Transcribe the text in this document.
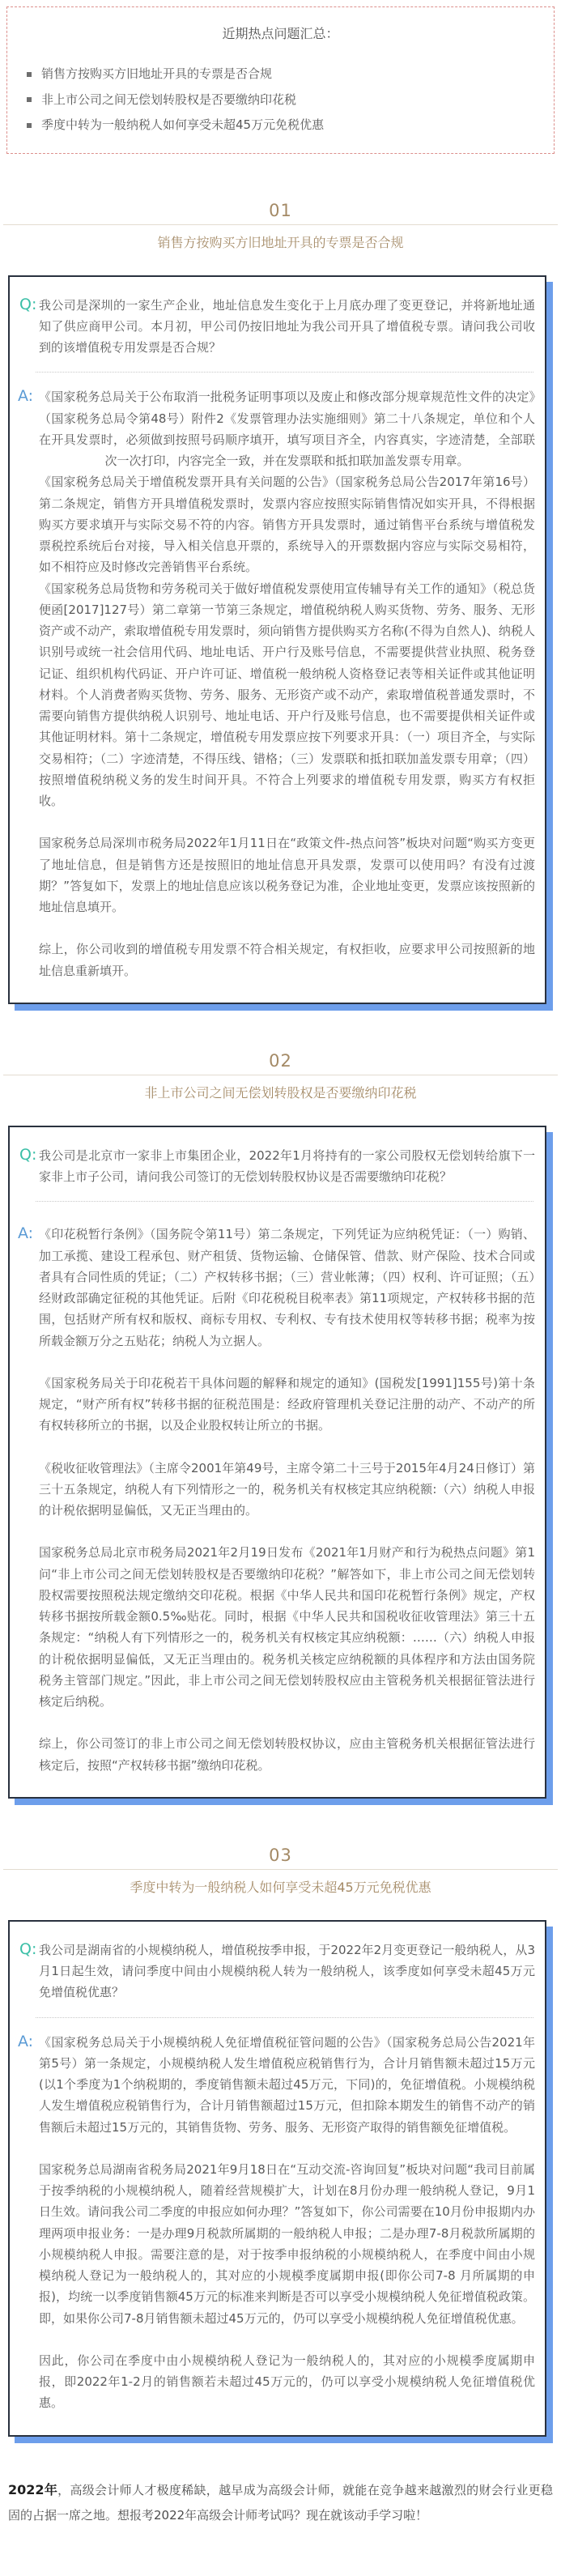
近期热点问题汇总：
销售方按购买方旧地址开具的专票是否合规
非上市公司之间无偿划转股权是否要缴纳印花税
季度中转为一般纳税人如何享受未超45万元免税优惠
01
销售方按购买方旧地址开具的专票是否合规
Q: 我公司是深圳的一家生产企业，地址信息发生变化于上月底办理了变更登记，并将新地址通知了供应商甲公司。本月初，甲公司仍按旧地址为我公司开具了增值税专票。请问我公司收到的该增值税专用发票是否合规？

A: 《国家税务总局关于公布取消一批税务证明事项以及废止和修改部分规章规范性文件的决定》（国家税务总局令第48号）附件2《发票管理办法实施细则》第二十八条规定，单位和个人在开具发票时，必须做到按照号码顺序填开，填写项目齐全，内容真实，字迹清楚，全部联次一次打印，内容完全一致，并在发票联和抵扣联加盖发票专用章。

《国家税务总局关于增值税发票开具有关问题的公告》（国家税务总局公告2017年第16号）第二条规定，销售方开具增值税发票时，发票内容应按照实际销售情况如实开具，不得根据购买方要求填开与实际交易不符的内容。销售方开具发票时，通过销售平台系统与增值税发票税控系统后台对接，导入相关信息开票的，系统导入的开票数据内容应与实际交易相符，如不相符应及时修改完善销售平台系统。

《国家税务总局货物和劳务税司关于做好增值税发票使用宣传辅导有关工作的通知》（税总货便函[2017]127号）第二章第一节第三条规定，增值税纳税人购买货物、劳务、服务、无形资产或不动产，索取增值税专用发票时，须向销售方提供购买方名称(不得为自然人)、纳税人识别号或统一社会信用代码、地址电话、开户行及账号信息，不需要提供营业执照、税务登记证、组织机构代码证、开户许可证、增值税一般纳税人资格登记表等相关证件或其他证明材料。个人消费者购买货物、劳务、服务、无形资产或不动产，索取增值税普通发票时，不需要向销售方提供纳税人识别号、地址电话、开户行及账号信息，也不需要提供相关证件或其他证明材料。第十二条规定，增值税专用发票应按下列要求开具：（一）项目齐全，与实际交易相符；（二）字迹清楚，不得压线、错格；（三）发票联和抵扣联加盖发票专用章；（四）按照增值税纳税义务的发生时间开具。不符合上列要求的增值税专用发票，购买方有权拒收。

国家税务总局深圳市税务局2022年1月11日在“政策文件-热点问答”板块对问题“购买方变更了地址信息，但是销售方还是按照旧的地址信息开具发票，发票可以使用吗？有没有过渡期？”答复如下，发票上的地址信息应该以税务登记为准，企业地址变更，发票应该按照新的地址信息填开。

综上，你公司收到的增值税专用发票不符合相关规定，有权拒收，应要求甲公司按照新的地址信息重新填开。

02
非上市公司之间无偿划转股权是否要缴纳印花税
Q: 我公司是北京市一家非上市集团企业，2022年1月将持有的一家公司股权无偿划转给旗下一家非上市子公司，请问我公司签订的无偿划转股权协议是否需要缴纳印花税？

A: 《印花税暂行条例》（国务院令第11号）第二条规定，下列凭证为应纳税凭证：（一）购销、加工承揽、建设工程承包、财产租赁、货物运输、仓储保管、借款、财产保险、技术合同或者具有合同性质的凭证；（二）产权转移书据；（三）营业帐薄；（四）权利、许可证照；（五）经财政部确定征税的其他凭证。后附《印花税税目税率表》第11项规定，产权转移书据的范围，包括财产所有权和版权、商标专用权、专利权、专有技术使用权等转移书据；税率为按所载金额万分之五贴花；纳税人为立据人。

《国家税务局关于印花税若干具体问题的解释和规定的通知》(国税发[1991]155号)第十条规定，“财产所有权”转移书据的征税范围是：经政府管理机关登记注册的动产、不动产的所有权转移所立的书据，以及企业股权转让所立的书据。

《税收征收管理法》（主席令2001年第49号，主席令第二十三号于2015年4月24日修订）第三十五条规定，纳税人有下列情形之一的，税务机关有权核定其应纳税额:（六）纳税人申报的计税依据明显偏低，又无正当理由的。

国家税务总局北京市税务局2021年2月19日发布《2021年1月财产和行为税热点问题》第1问“非上市公司之间无偿划转股权是否要缴纳印花税？”解答如下，非上市公司之间无偿划转股权需要按照税法规定缴纳交印花税。根据《中华人民共和国印花税暂行条例》规定，产权转移书据按所载金额0.5‰贴花。同时，根据《中华人民共和国税收征收管理法》第三十五条规定：“纳税人有下列情形之一的，税务机关有权核定其应纳税额：……（六）纳税人申报的计税依据明显偏低，又无正当理由的。税务机关核定应纳税额的具体程序和方法由国务院税务主管部门规定。”因此，非上市公司之间无偿划转股权应由主管税务机关根据征管法进行核定后纳税。

综上，你公司签订的非上市公司之间无偿划转股权协议，应由主管税务机关根据征管法进行核定后，按照“产权转移书据”缴纳印花税。

03
季度中转为一般纳税人如何享受未超45万元免税优惠
Q: 我公司是湖南省的小规模纳税人，增值税按季申报，于2022年2月变更登记一般纳税人，从3月1日起生效，请问季度中间由小规模纳税人转为一般纳税人，该季度如何享受未超45万元免增值税优惠？

A: 《国家税务总局关于小规模纳税人免征增值税征管问题的公告》（国家税务总局公告2021年第5号）第一条规定，小规模纳税人发生增值税应税销售行为，合计月销售额未超过15万元(以1个季度为1个纳税期的，季度销售额未超过45万元，下同)的，免征增值税。小规模纳税人发生增值税应税销售行为，合计月销售额超过15万元，但扣除本期发生的销售不动产的销售额后未超过15万元的，其销售货物、劳务、服务、无形资产取得的销售额免征增值税。

国家税务总局湖南省税务局2021年9月18日在“互动交流-咨询回复”板块对问题“我司目前属于按季纳税的小规模纳税人，随着经营规模扩大，计划在8月份办理一般纳税人登记，9月1日生效。请问我公司二季度的申报应如何办理？”答复如下，你公司需要在10月份申报期内办理两项申报业务：一是办理9月税款所属期的一般纳税人申报；二是办理7-8月税款所属期的小规模纳税人申报。需要注意的是，对于按季申报纳税的小规模纳税人，在季度中间由小规模纳税人登记为一般纳税人的，其对应的小规模季度属期申报(即你公司7-8 月所属期的申报)，均统一以季度销售额45万元的标准来判断是否可以享受小规模纳税人免征增值税政策。即，如果你公司7-8月销售额未超过45万元的，仍可以享受小规模纳税人免征增值税优惠。

因此，你公司在季度中由小规模纳税人登记为一般纳税人的，其对应的小规模季度属期申报，即2022年1-2月的销售额若未超过45万元的，仍可以享受小规模纳税人免征增值税优惠。

2022年，高级会计师人才极度稀缺，越早成为高级会计师，就能在竞争越来越激烈的财会行业更稳固的占据一席之地。想报考2022年高级会计师考试吗？现在就该动手学习啦！
